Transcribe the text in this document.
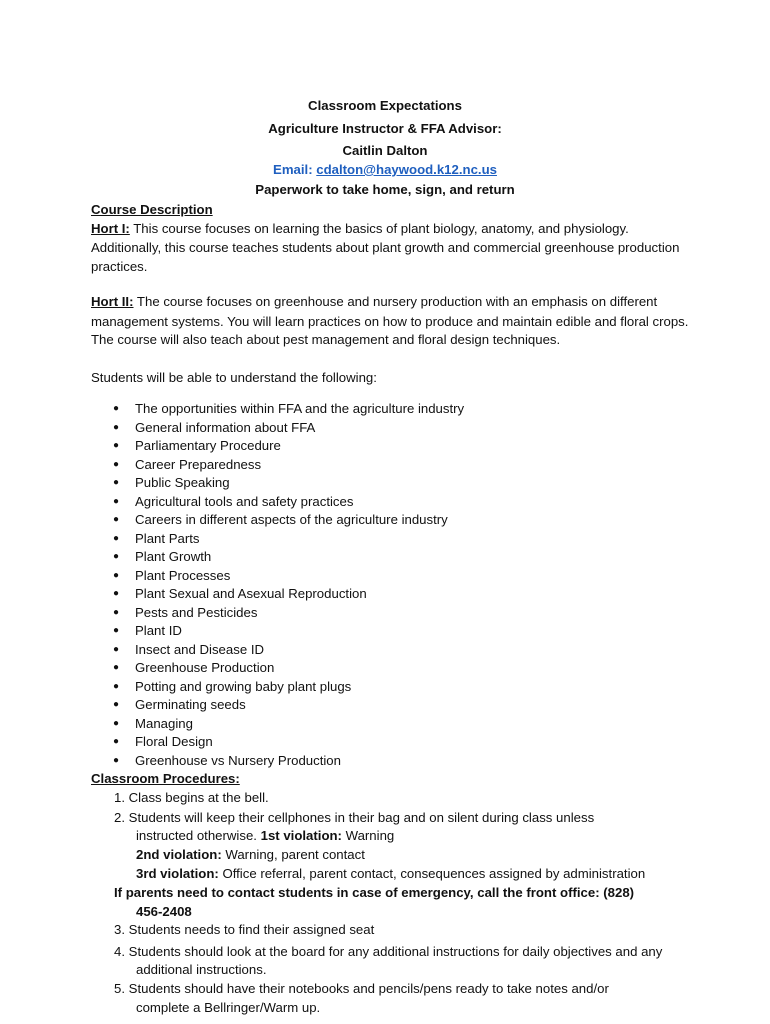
Classroom Expectations
Agriculture Instructor & FFA Advisor:
Caitlin Dalton
Email: cdalton@haywood.k12.nc.us
Paperwork to take home, sign, and return
Course Description
Hort I: This course focuses on learning the basics of plant biology, anatomy, and physiology.
Additionally, this course teaches students about plant growth and commercial greenhouse production
practices.
Hort II: The course focuses on greenhouse and nursery production with an emphasis on different
management systems. You will learn practices on how to produce and maintain edible and floral crops.
The course will also teach about pest management and floral design techniques.
Students will be able to understand the following:
● The opportunities within FFA and the agriculture industry
● General information about FFA
● Parliamentary Procedure
● Career Preparedness
● Public Speaking
● Agricultural tools and safety practices
● Careers in different aspects of the agriculture industry
● Plant Parts
● Plant Growth
● Plant Processes
● Plant Sexual and Asexual Reproduction
● Pests and Pesticides
● Plant ID
● Insect and Disease ID
● Greenhouse Production
● Potting and growing baby plant plugs
● Germinating seeds
● Managing
● Floral Design
● Greenhouse vs Nursery Production
Classroom Procedures:
1. Class begins at the bell.
2. Students will keep their cellphones in their bag and on silent during class unless
instructed otherwise. 1st violation: Warning
2nd violation: Warning, parent contact
3rd violation: Office referral, parent contact, consequences assigned by administration
If parents need to contact students in case of emergency, call the front office: (828)
456-2408
3. Students needs to find their assigned seat
4. Students should look at the board for any additional instructions for daily objectives and any
additional instructions.
5. Students should have their notebooks and pencils/pens ready to take notes and/or
complete a Bellringer/Warm up.
